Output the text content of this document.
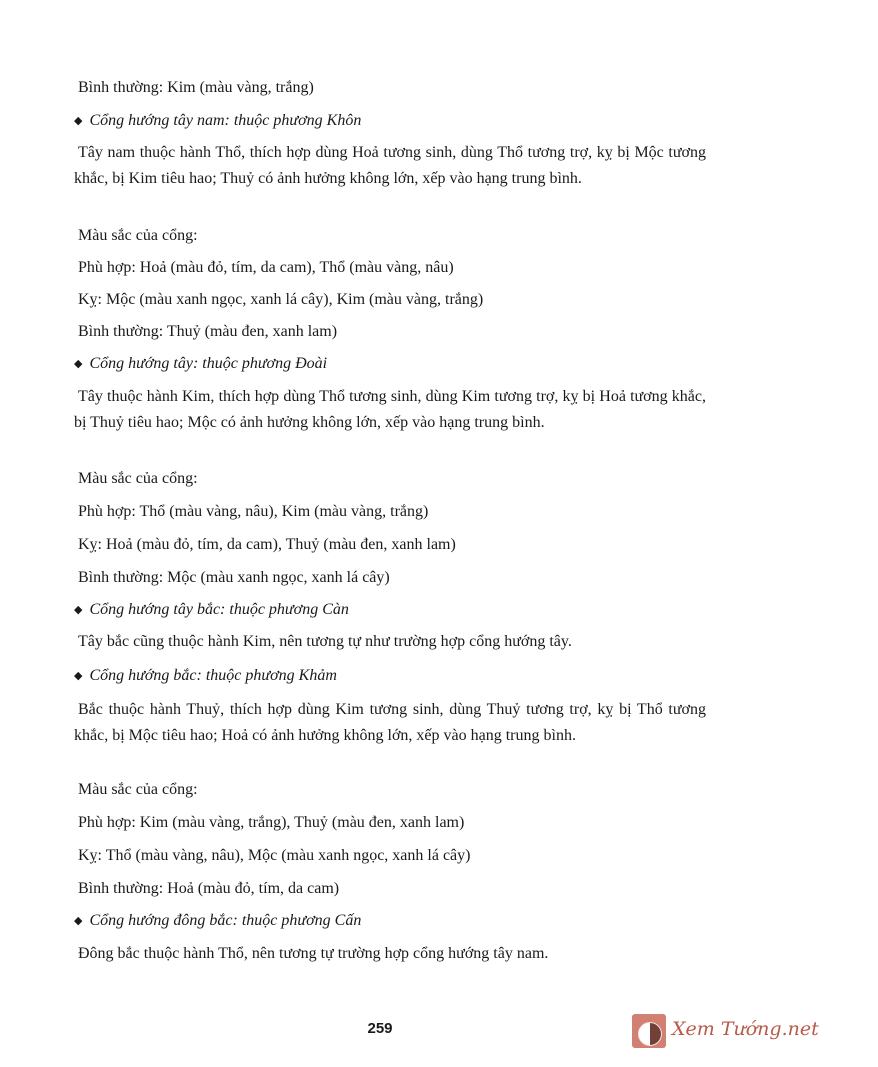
Bình thường: Kim (màu vàng, trắng)
◆ Cổng hướng tây nam: thuộc phương Khôn
Tây nam thuộc hành Thổ, thích hợp dùng Hoả tương sinh, dùng Thổ tương trợ, kỵ bị Mộc tương khắc, bị Kim tiêu hao; Thuỷ có ảnh hưởng không lớn, xếp vào hạng trung bình.
Màu sắc của cổng:
Phù hợp: Hoả (màu đỏ, tím, da cam), Thổ (màu vàng, nâu)
Kỵ: Mộc (màu xanh ngọc, xanh lá cây), Kim (màu vàng, trắng)
Bình thường: Thuỷ (màu đen, xanh lam)
◆ Cổng hướng tây: thuộc phương Đoài
Tây thuộc hành Kim, thích hợp dùng Thổ tương sinh, dùng Kim tương trợ, kỵ bị Hoả tương khắc, bị Thuỷ tiêu hao; Mộc có ảnh hưởng không lớn, xếp vào hạng trung bình.
Màu sắc của cổng:
Phù hợp: Thổ (màu vàng, nâu), Kim (màu vàng, trắng)
Kỵ: Hoả (màu đỏ, tím, da cam), Thuỷ (màu đen, xanh lam)
Bình thường: Mộc (màu xanh ngọc, xanh lá cây)
◆ Cổng hướng tây bắc: thuộc phương Càn
Tây bắc cũng thuộc hành Kim, nên tương tự như trường hợp cổng hướng tây.
◆ Cổng hướng bắc: thuộc phương Khảm
Bắc thuộc hành Thuỷ, thích hợp dùng Kim tương sinh, dùng Thuỷ tương trợ, kỵ bị Thổ tương khắc, bị Mộc tiêu hao; Hoả có ảnh hưởng không lớn, xếp vào hạng trung bình.
Màu sắc của cổng:
Phù hợp: Kim (màu vàng, trắng), Thuỷ (màu đen, xanh lam)
Kỵ: Thổ (màu vàng, nâu), Mộc (màu xanh ngọc, xanh lá cây)
Bình thường: Hoả (màu đỏ, tím, da cam)
◆ Cổng hướng đông bắc: thuộc phương Cấn
Đông bắc thuộc hành Thổ, nên tương tự trường hợp cổng hướng tây nam.
259	Xem Tướng.net
